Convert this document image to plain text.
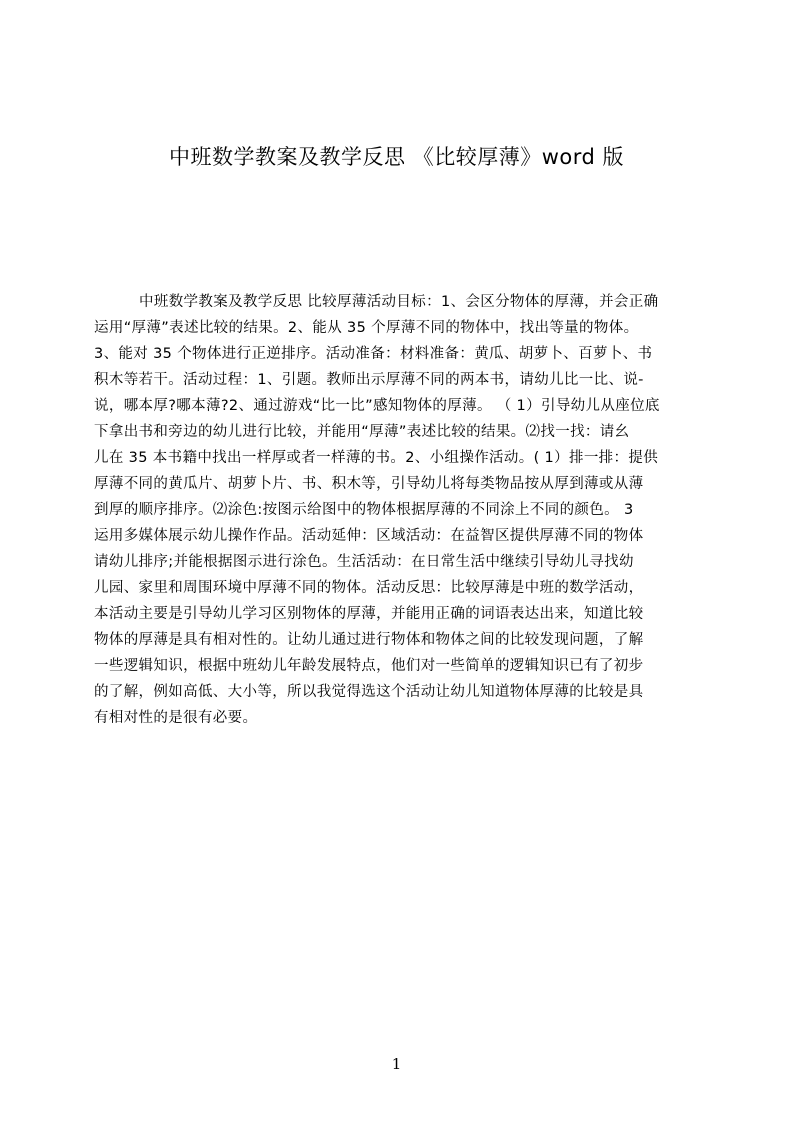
中班数学教案及教学反思 《比较厚薄》word 版
中班数学教案及教学反思 比较厚薄活动目标：1、会区分物体的厚薄，并会正确
运用“厚薄”表述比较的结果。2、能从 35 个厚薄不同的物体中，找出等量的物体。
3、能对 35 个物体进行正逆排序。活动准备：材料准备：黄瓜、胡萝卜、百萝卜、书
积木等若干。活动过程：1、引题。教师出示厚薄不同的两本书，请幼儿比一比、说-
说，哪本厚?哪本薄?2、通过游戏“比一比”感知物体的厚薄。 （ 1）引导幼儿从座位底
下拿出书和旁边的幼儿进行比较，并能用“厚薄”表述比较的结果。⑵找一找：请幺
儿在 35 本书籍中找出一样厚或者一样薄的书。2、小组操作活动。( 1）排一排：提供
厚薄不同的黄瓜片、胡萝卜片、书、积木等，引导幼儿将每类物品按从厚到薄或从薄
到厚的顺序排序。⑵涂色:按图示给图中的物体根据厚薄的不同涂上不同的颜色。 3
运用多媒体展示幼儿操作作品。活动延伸：区域活动：在益智区提供厚薄不同的物体
请幼儿排序;并能根据图示进行涂色。生活活动：在日常生活中继续引导幼儿寻找幼
儿园、家里和周围环境中厚薄不同的物体。活动反思：比较厚薄是中班的数学活动，
本活动主要是引导幼儿学习区别物体的厚薄，并能用正确的词语表达出来，知道比较
物体的厚薄是具有相对性的。让幼儿通过进行物体和物体之间的比较发现问题，了解
一些逻辑知识，根据中班幼儿年龄发展特点，他们对一些简单的逻辑知识已有了初步
的了解，例如高低、大小等，所以我觉得选这个活动让幼儿知道物体厚薄的比较是具
有相对性的是很有必要。
1
